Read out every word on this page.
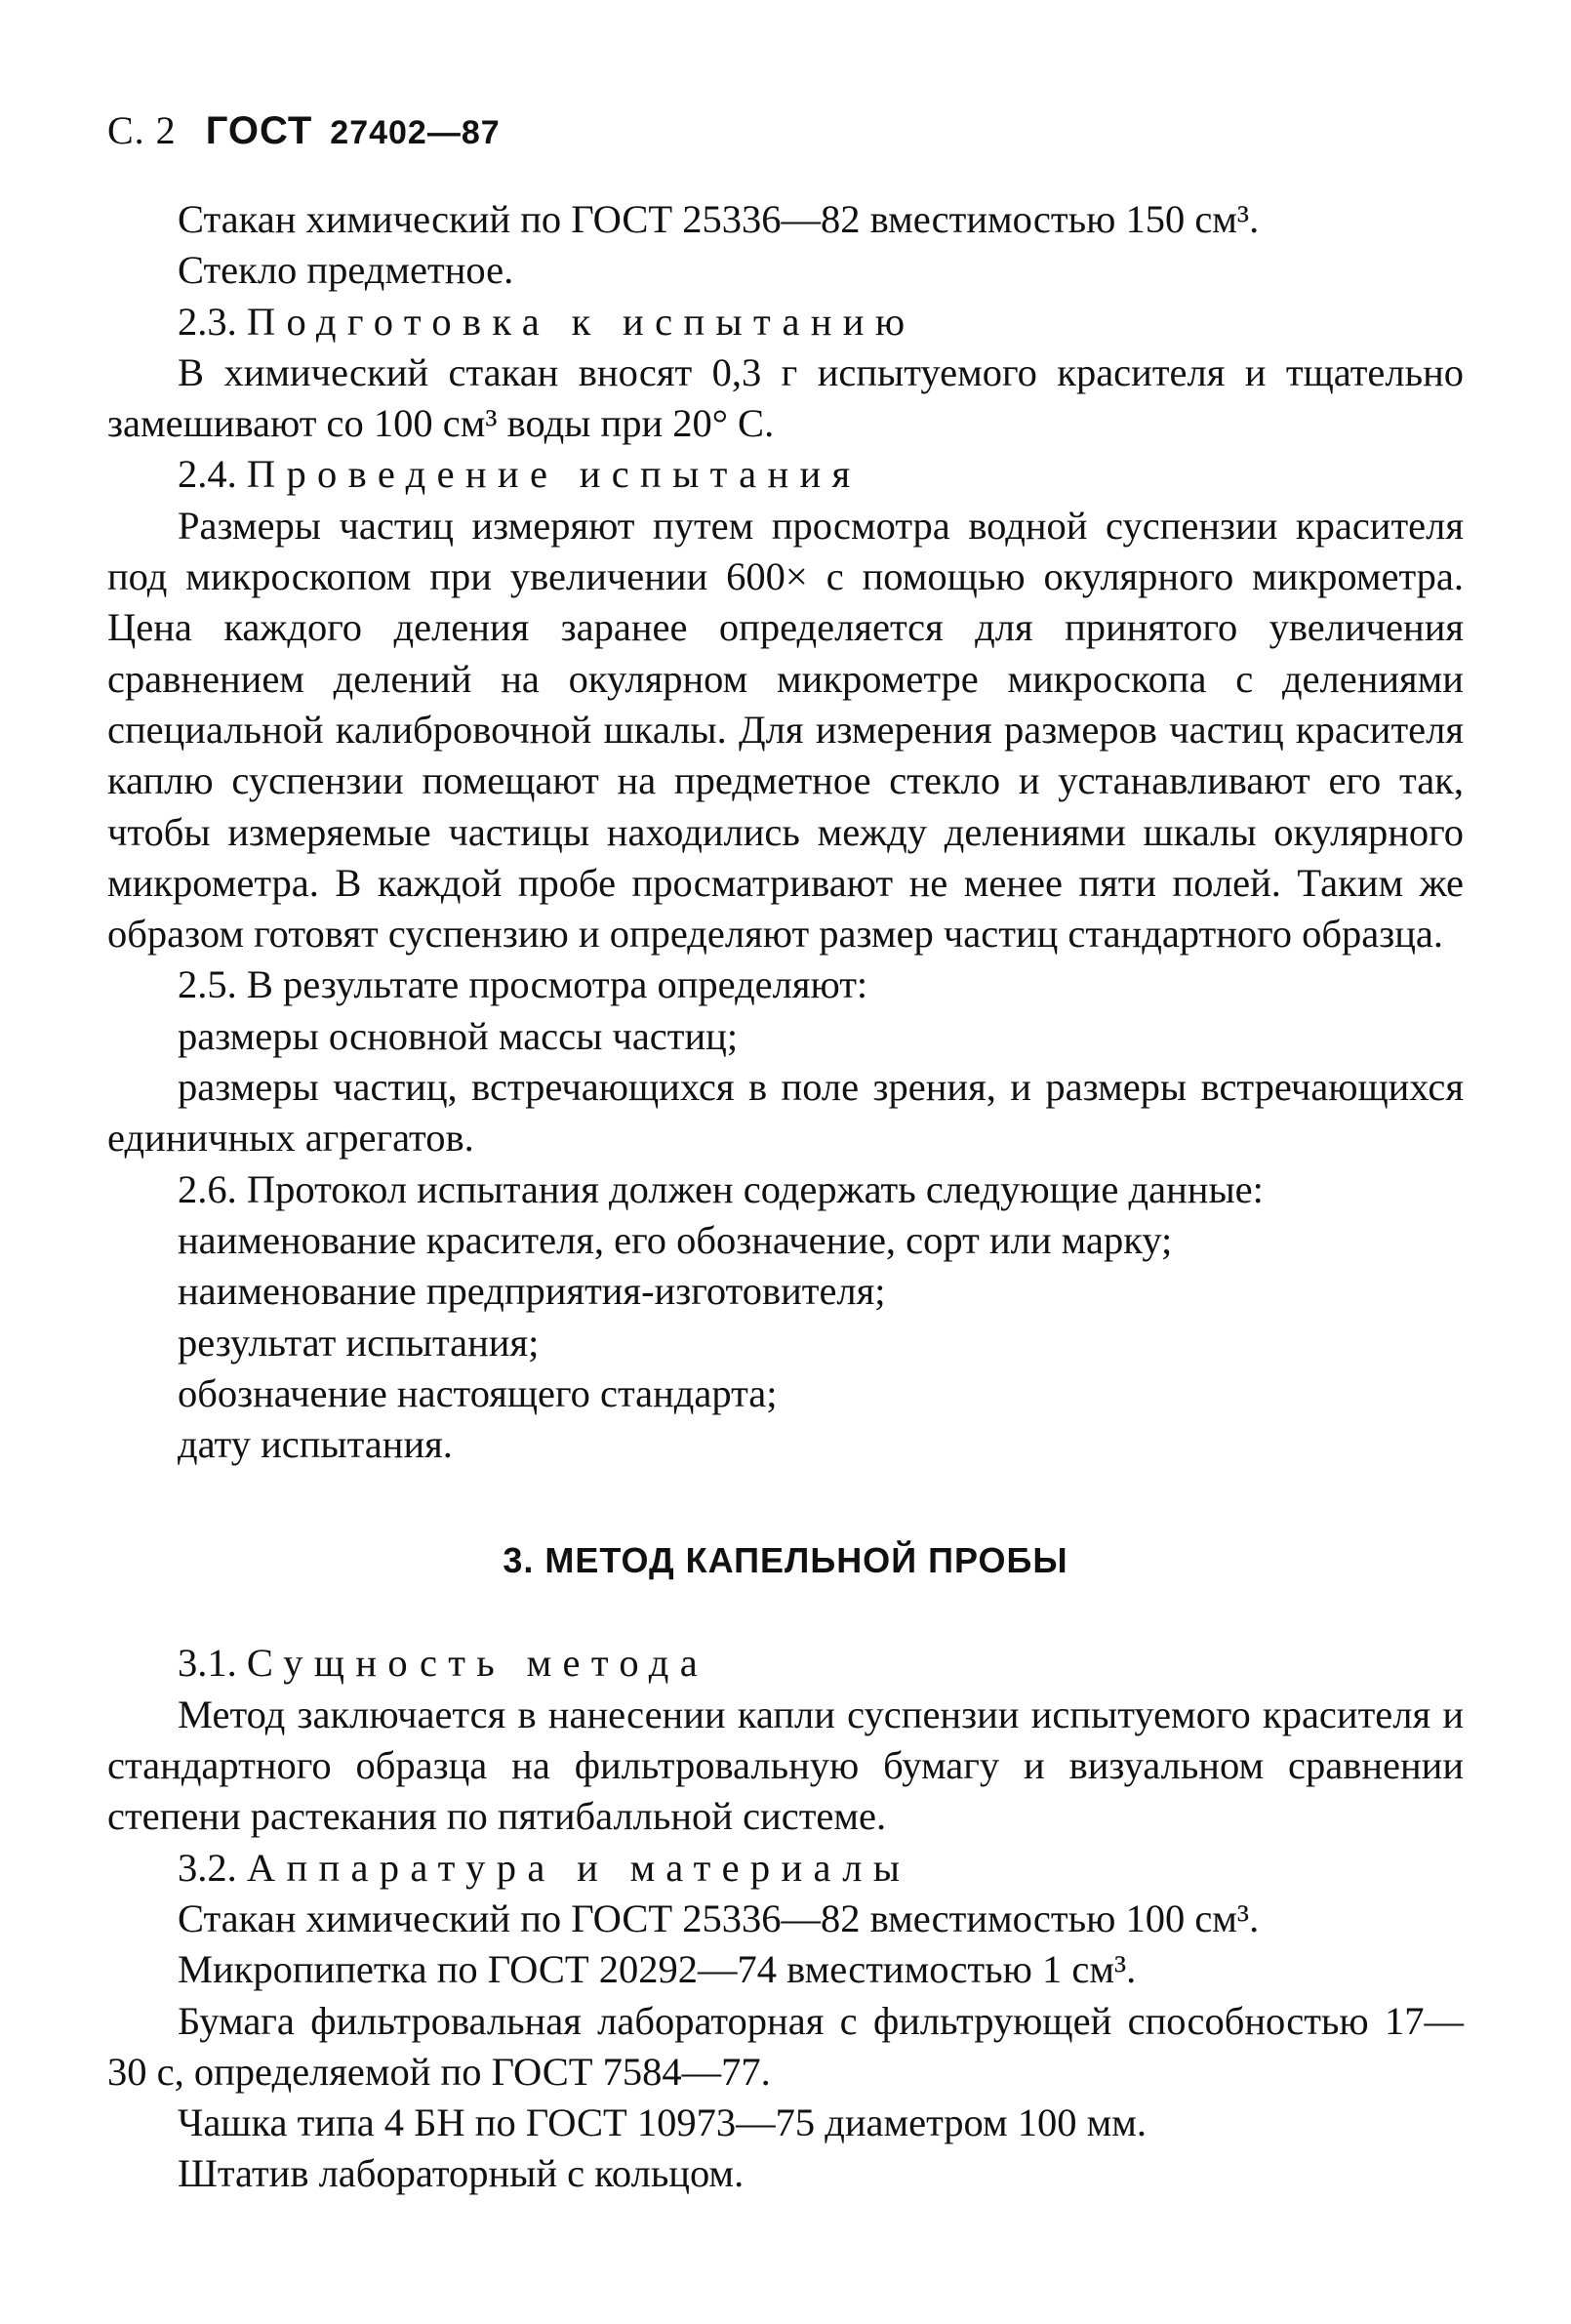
С. 2 ГОСТ 27402—87

Стакан химический по ГОСТ 25336—82 вместимостью 150 см³.

Стекло предметное.

2.3. Подготовка к испытанию

В химический стакан вносят 0,3 г испытуемого красителя и тщательно замешивают со 100 см³ воды при 20° С.

2.4. Проведение испытания

Размеры частиц измеряют путем просмотра водной суспензии красителя под микроскопом при увеличении 600× с помощью окулярного микрометра. Цена каждого деления заранее определяется для принятого увеличения сравнением делений на окулярном микрометре микроскопа с делениями специальной калибровочной шкалы. Для измерения размеров частиц красителя каплю суспензии помещают на предметное стекло и устанавливают его так, чтобы измеряемые частицы находились между делениями шкалы окулярного микрометра. В каждой пробе просматривают не менее пяти полей. Таким же образом готовят суспензию и определяют размер частиц стандартного образца.

2.5. В результате просмотра определяют:

размеры основной массы частиц;

размеры частиц, встречающихся в поле зрения, и размеры встречающихся единичных агрегатов.

2.6. Протокол испытания должен содержать следующие данные:

наименование красителя, его обозначение, сорт или марку;

наименование предприятия-изготовителя;

результат испытания;

обозначение настоящего стандарта;

дату испытания.

3. МЕТОД КАПЕЛЬНОЙ ПРОБЫ

3.1. Сущность метода

Метод заключается в нанесении капли суспензии испытуемого красителя и стандартного образца на фильтровальную бумагу и визуальном сравнении степени растекания по пятибалльной системе.

3.2. Аппаратура и материалы

Стакан химический по ГОСТ 25336—82 вместимостью 100 см³.

Микропипетка по ГОСТ 20292—74 вместимостью 1 см³.

Бумага фильтровальная лабораторная с фильтрующей способностью 17—30 с, определяемой по ГОСТ 7584—77.

Чашка типа 4 БН по ГОСТ 10973—75 диаметром 100 мм.

Штатив лабораторный с кольцом.
